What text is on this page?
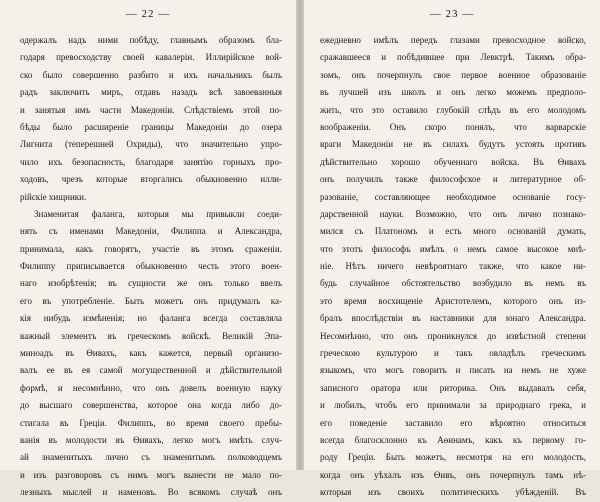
— 22 —
одержалъ надъ ними побѣду, главнымъ образомъ бла-
годаря превосходству своей кавалеріи. Иллирійское вой-
ско было совершенно разбито и ихъ начальникъ былъ
радъ заключить миръ, отдавъ назадъ всѣ завоеванныя
и занятыя имъ части Македоніи. Слѣдствіемъ этой по-
бѣды было расширеніе границы Македоніи до озера
Лигнита (теперешней Охриды), что значительно упро-
чило ихъ безопасность, благодаря занятію горныхъ про-
ходовъ, чрезъ которые вторгались обыкновенно илли-
рійскіе хищники.
Знаменитая фаланга, которыя мы привыкли соеди-
нять съ именами Македоніи, Филиппа и Александра,
принимала, какъ говорятъ, участіе въ этомъ сраженіи.
Филиппу приписывается обыкновенно честь этого воен-
наго изобрѣтенія; въ сущности же онъ только ввелъ
его въ употребленіе. Быть можетъ онъ придумалъ ка-
кія нибудь измѣненія; но фаланга всегда составляла
важный элементъ въ греческомъ войскѣ. Великій Эпа-
миноадъ въ Ѳивахъ, какъ кажется, первый организо-
валъ ее въ ея самой могущественной и дѣйствительной
формѣ, и несомнѣнно, что онъ довелъ военную науку
до высшаго совершенства, которое она когда либо до-
стигала въ Греціи. Филиппъ, во время своего пребы-
ванія въ молодости въ Ѳивахъ, легко могъ имѣть случ-
ай знаменитыхъ лично съ знаменитымъ полководцемъ
и изъ разговоровъ съ нимъ могъ вынести не мало по-
лезныхъ мыслей и наменовъ. Во всякомъ случаѣ онъ
— 23 —
ежедневно имѣлъ передъ глазами превосходное войско,
сражавшееся и побѣдившее при Левктрѣ. Такимъ обра-
зомъ, онъ почерпнулъ свое первое военное образованіе
въ лучшей изъ школъ и онъ легко можемъ предполо-
жить, что это оставило глубокій слѣдъ въ его молодомъ
воображеніи. Онъ скоро понялъ, что варварскіе
враги Македоніи не въ силахъ будутъ устоять противъ
дѣйствительно хорошо обученнаго войска. Въ Ѳивахъ
онъ получилъ также философское и литературное об-
разованіе, составляющее необходимое основаніе госу-
дарственной науки. Возможно, что онъ лично познако-
мился съ Платономъ и есть много основаній думать,
что этотъ философъ имѣлъ о немъ самое высокое мнѣ-
ніе. Нѣтъ ничего невѣроятнаго также, что какое ни-
будь случайное обстоятельство возбудило въ немъ въ
это время восхищеніе Аристотелемъ, которого онъ из-
бралъ впослѣдствіи въ наставники для юнаго Александра.
Несомнѣнно, что онъ проникнулся до извѣстной степени
греческою культурою и такъ овладѣлъ греческимъ
языкомъ, что могъ говорить и писать на немъ не хуже
записного оратора или риторика. Онъ выдавалъ себя,
и любилъ, чтобъ его принимали за природнаго грека, и
его поведеніе заставило его вѣроятно относиться
всегда благосклонно къ Аѳинамъ, какъ къ первому го-
роду Греціи. Быть можетъ, несмотря на его молодость,
когда онъ уѣхалъ изъ Ѳивъ, онъ почерпнулъ тамъ нѣ-
которыя изъ своихъ политическихъ убѣжденій. Въ
